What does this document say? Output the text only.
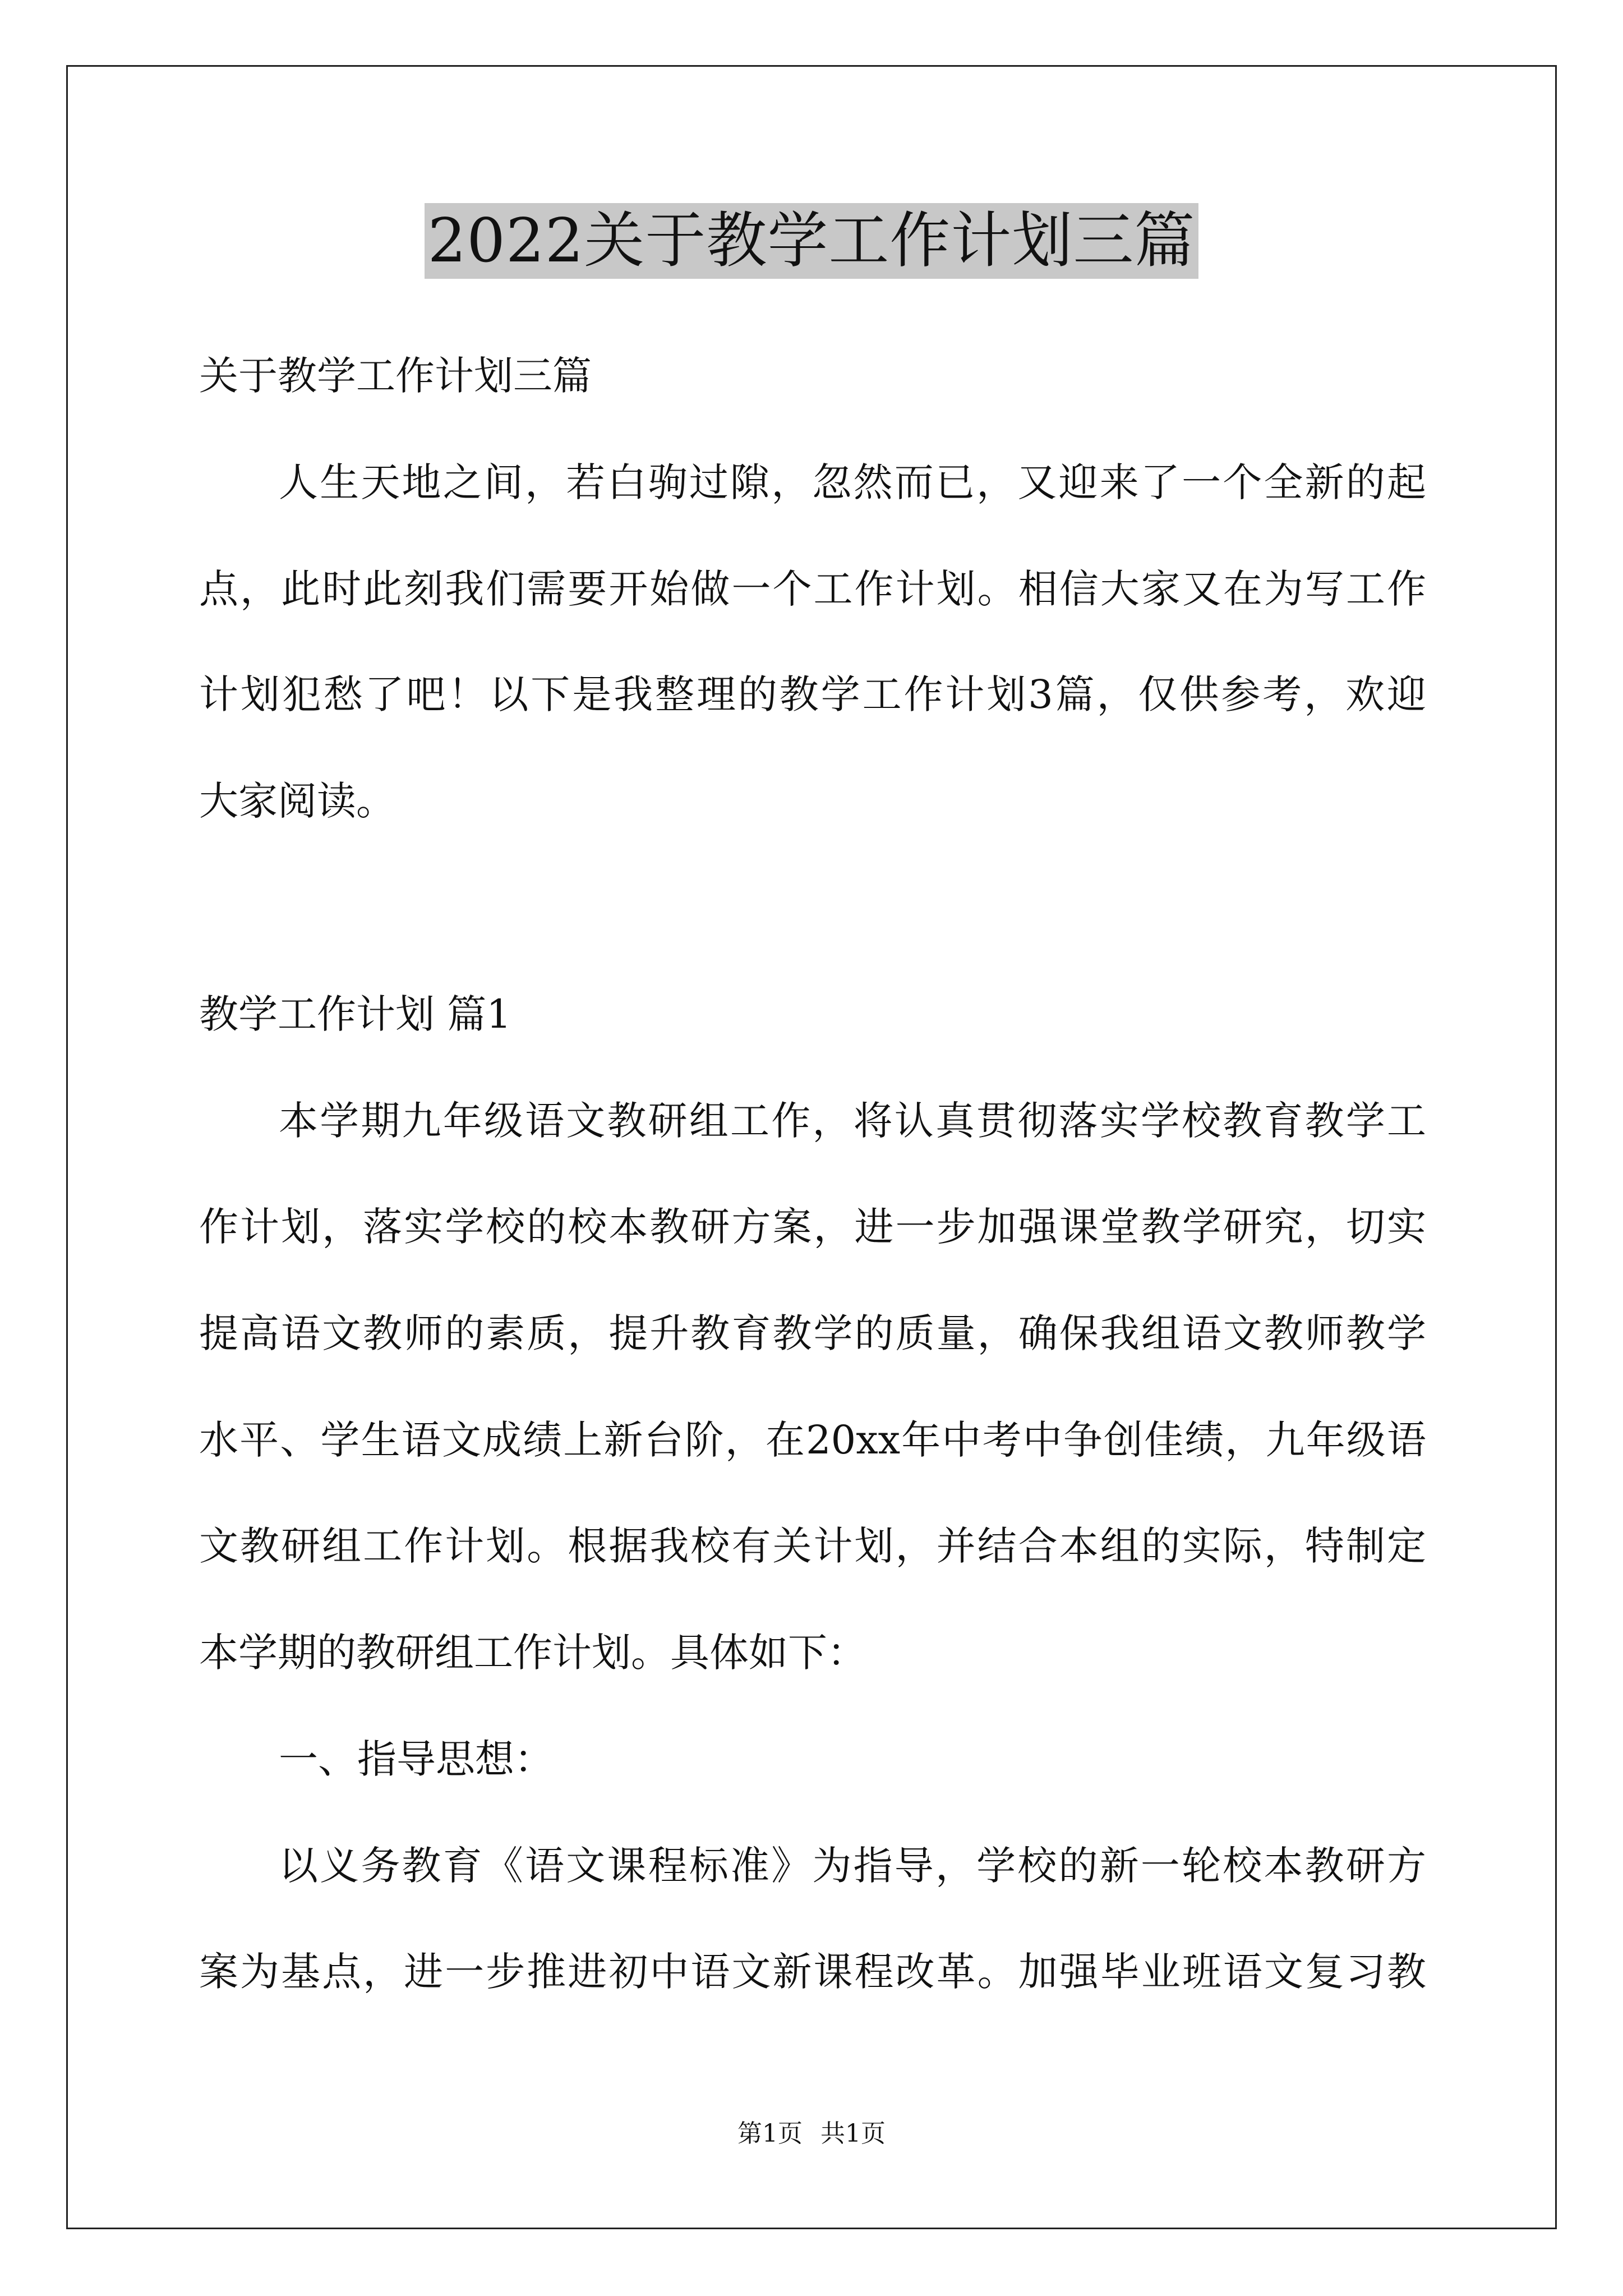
2022关于教学工作计划三篇
关于教学工作计划三篇
人生天地之间，若白驹过隙，忽然而已，又迎来了一个全新的起
点，此时此刻我们需要开始做一个工作计划。相信大家又在为写工作
计划犯愁了吧！以下是我整理的教学工作计划3篇，仅供参考，欢迎
大家阅读。
教学工作计划 篇1
本学期九年级语文教研组工作，将认真贯彻落实学校教育教学工
作计划，落实学校的校本教研方案，进一步加强课堂教学研究，切实
提高语文教师的素质，提升教育教学的质量，确保我组语文教师教学
水平、学生语文成绩上新台阶，在20xx年中考中争创佳绩，九年级语
文教研组工作计划。根据我校有关计划，并结合本组的实际，特制定
本学期的教研组工作计划。具体如下：
一、指导思想：
以义务教育《语文课程标准》为指导，学校的新一轮校本教研方
案为基点，进一步推进初中语文新课程改革。加强毕业班语文复习教
第1页 共1页
